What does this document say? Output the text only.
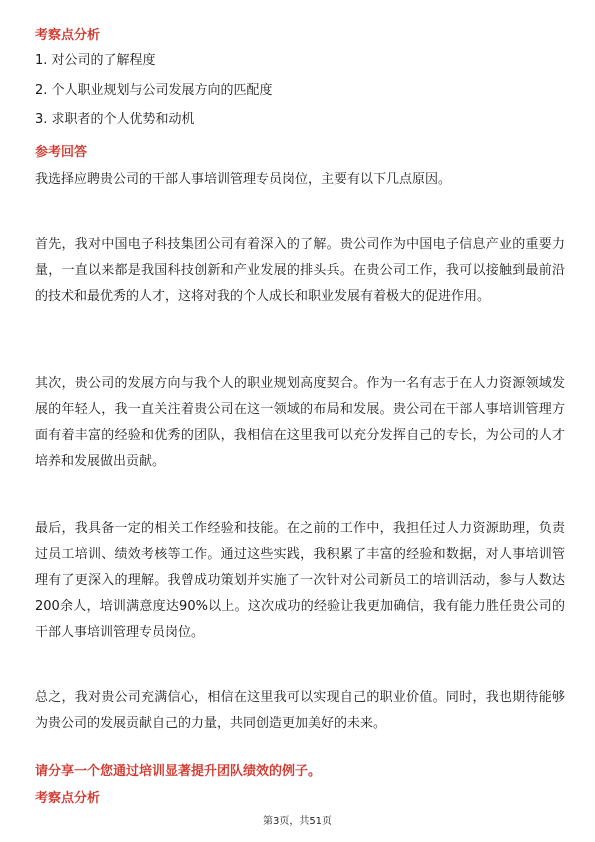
考察点分析
1. 对公司的了解程度
2. 个人职业规划与公司发展方向的匹配度
3. 求职者的个人优势和动机
参考回答
我选择应聘贵公司的干部人事培训管理专员岗位，主要有以下几点原因。
首先，我对中国电子科技集团公司有着深入的了解。贵公司作为中国电子信息产业的重要力量，一直以来都是我国科技创新和产业发展的排头兵。在贵公司工作，我可以接触到最前沿的技术和最优秀的人才，这将对我的个人成长和职业发展有着极大的促进作用。
其次，贵公司的发展方向与我个人的职业规划高度契合。作为一名有志于在人力资源领域发展的年轻人，我一直关注着贵公司在这一领域的布局和发展。贵公司在干部人事培训管理方面有着丰富的经验和优秀的团队，我相信在这里我可以充分发挥自己的专长，为公司的人才培养和发展做出贡献。
最后，我具备一定的相关工作经验和技能。在之前的工作中，我担任过人力资源助理，负责过员工培训、绩效考核等工作。通过这些实践，我积累了丰富的经验和数据，对人事培训管理有了更深入的理解。我曾成功策划并实施了一次针对公司新员工的培训活动，参与人数达200余人，培训满意度达90%以上。这次成功的经验让我更加确信，我有能力胜任贵公司的干部人事培训管理专员岗位。
总之，我对贵公司充满信心，相信在这里我可以实现自己的职业价值。同时，我也期待能够为贵公司的发展贡献自己的力量，共同创造更加美好的未来。
请分享一个您通过培训显著提升团队绩效的例子。
考察点分析
第3页，共51页
